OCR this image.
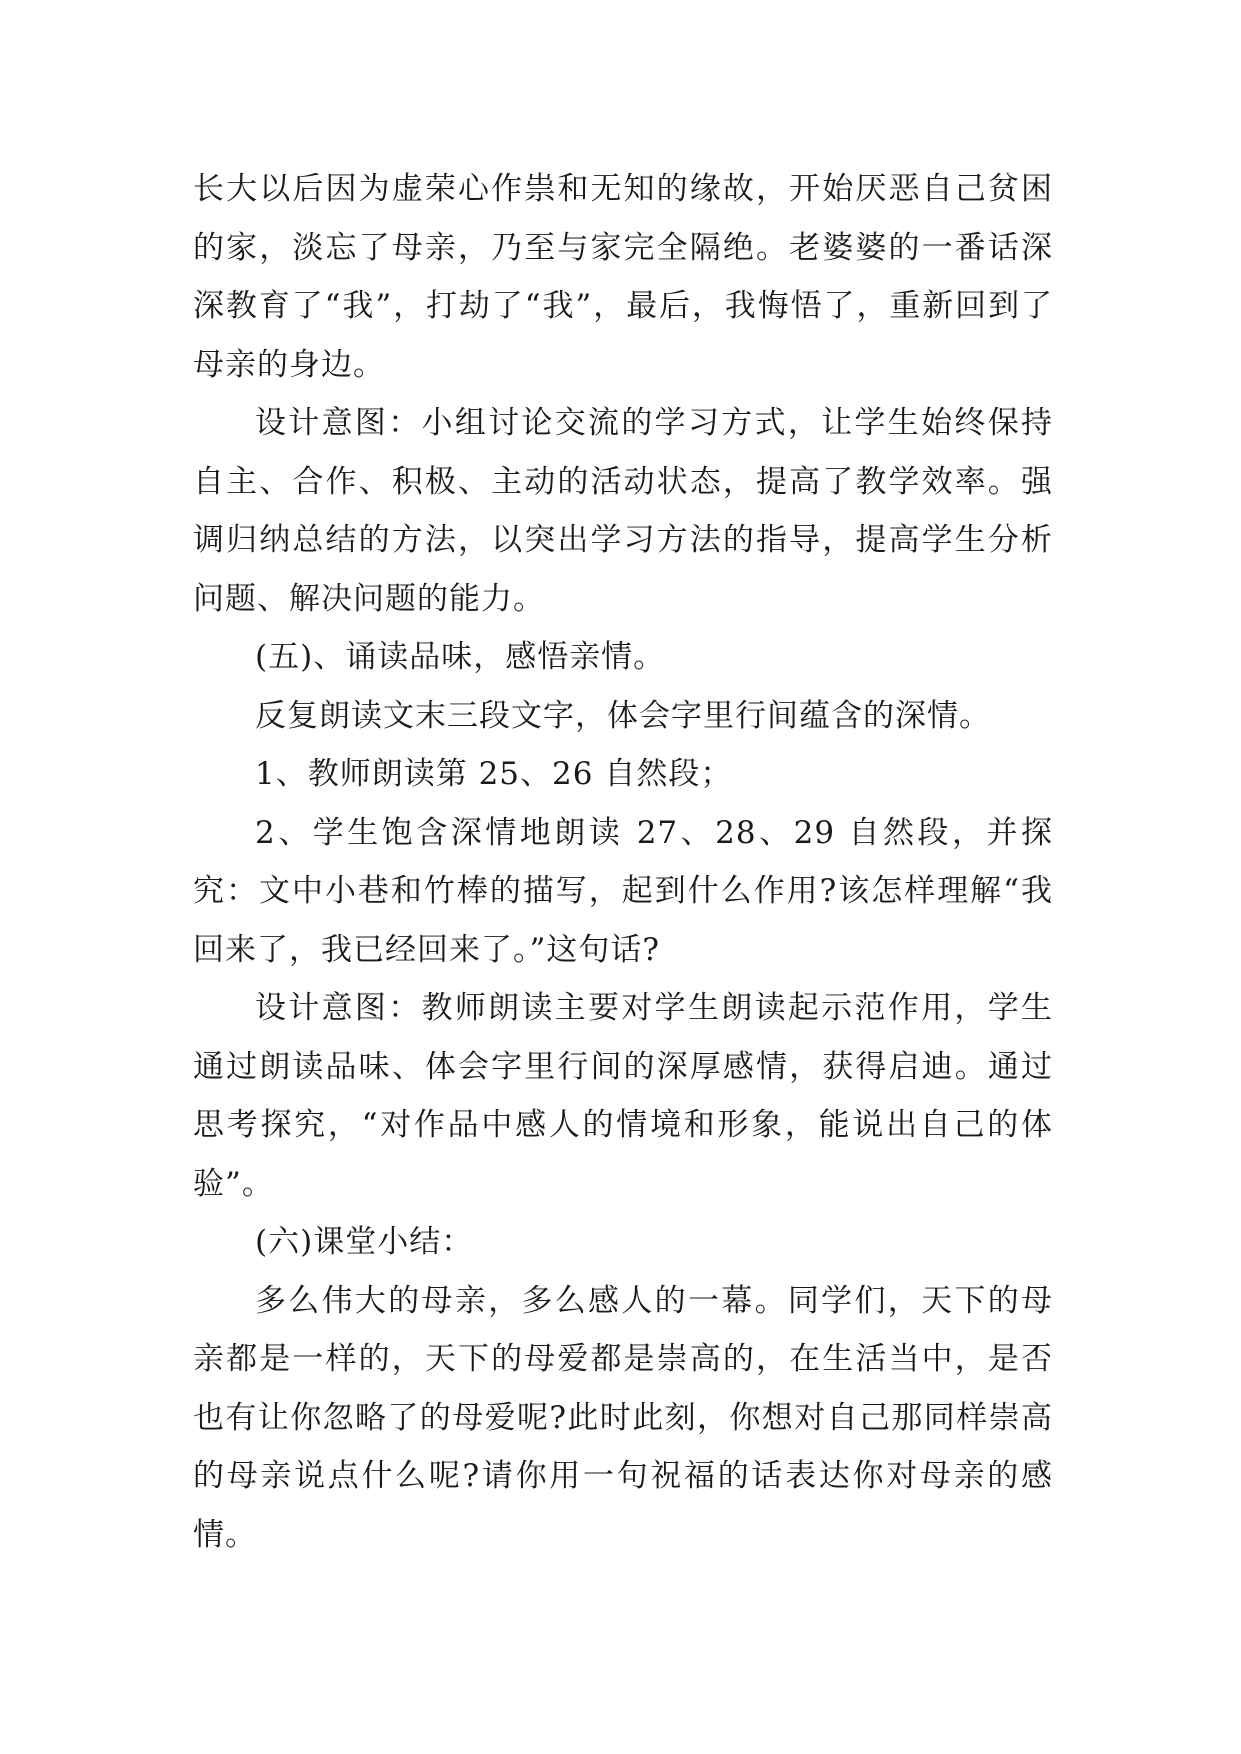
长大以后因为虚荣心作祟和无知的缘故，开始厌恶自己贫困的家，淡忘了母亲，乃至与家完全隔绝。老婆婆的一番话深深教育了“我”，打劫了“我”，最后，我悔悟了，重新回到了母亲的身边。

设计意图：小组讨论交流的学习方式，让学生始终保持自主、合作、积极、主动的活动状态，提高了教学效率。强调归纳总结的方法，以突出学习方法的指导，提高学生分析问题、解决问题的能力。

(五)、诵读品味，感悟亲情。

反复朗读文末三段文字，体会字里行间蕴含的深情。

1、教师朗读第 25、26 自然段；

2、学生饱含深情地朗读 27、28、29 自然段，并探究：文中小巷和竹棒的描写，起到什么作用?该怎样理解“我回来了，我已经回来了。”这句话?

设计意图：教师朗读主要对学生朗读起示范作用，学生通过朗读品味、体会字里行间的深厚感情，获得启迪。通过思考探究，“对作品中感人的情境和形象，能说出自己的体验”。

(六)课堂小结：

多么伟大的母亲，多么感人的一幕。同学们，天下的母亲都是一样的，天下的母爱都是崇高的，在生活当中，是否也有让你忽略了的母爱呢?此时此刻，你想对自己那同样崇高的母亲说点什么呢?请你用一句祝福的话表达你对母亲的感情。
